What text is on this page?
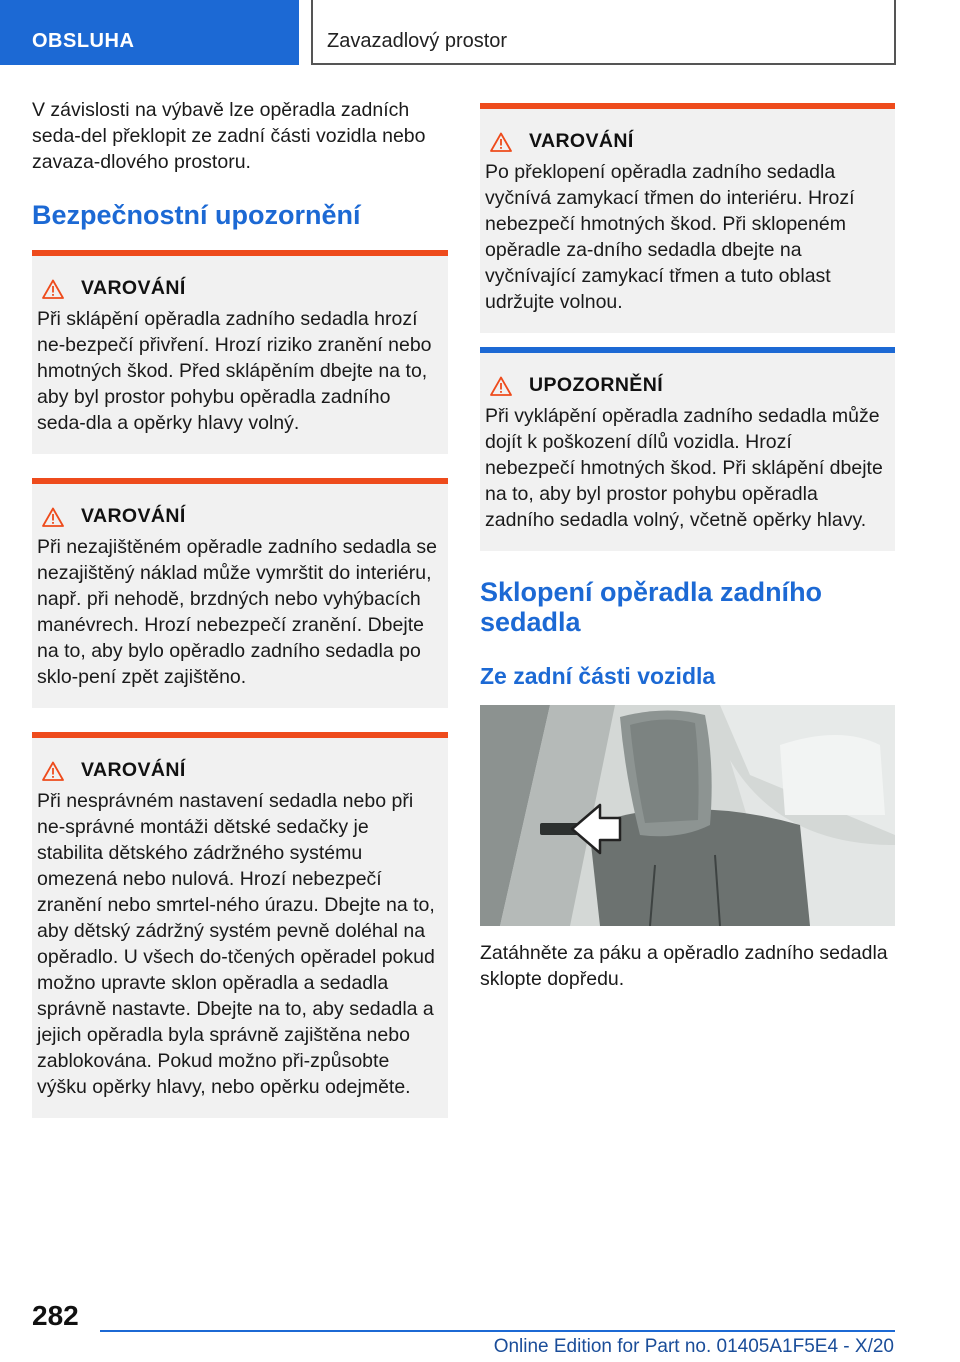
OBSLUHA	Zavazadlový prostor

V závislosti na výbavě lze opěradla zadních seda-del překlopit ze zadní části vozidla nebo zavaza-dlového prostoru.

Bezpečnostní upozornění
VAROVÁNÍ
Při sklápění opěradla zadního sedadla hrozí ne-bezpečí přivření. Hrozí riziko zranění nebo hmotných škod. Před sklápěním dbejte na to, aby byl prostor pohybu opěradla zadního seda-dla a opěrky hlavy volný.
VAROVÁNÍ
Při nezajištěném opěradle zadního sedadla se nezajištěný náklad může vymrštit do interiéru, např. při nehodě, brzdných nebo vyhýbacích manévrech. Hrozí nebezpečí zranění. Dbejte na to, aby bylo opěradlo zadního sedadla po sklo-pení zpět zajištěno.
VAROVÁNÍ
Při nesprávném nastavení sedadla nebo při ne-správné montáži dětské sedačky je stabilita dětského zádržného systému omezená nebo nulová. Hrozí nebezpečí zranění nebo smrtel-ného úrazu. Dbejte na to, aby dětský zádržný systém pevně doléhal na opěradlo. U všech do-tčených opěradel pokud možno upravte sklon opěradla a sedadla správně nastavte. Dbejte na to, aby sedadla a jejich opěradla byla správně zajištěna nebo zablokována. Pokud možno při-způsobte výšku opěrky hlavy, nebo opěrku odejměte.
VAROVÁNÍ
Po překlopení opěradla zadního sedadla vyčnívá zamykací třmen do interiéru. Hrozí nebezpečí hmotných škod. Při sklopeném opěradle za-dního sedadla dbejte na vyčnívající zamykací třmen a tuto oblast udržujte volnou.
UPOZORNĚNÍ
Při vyklápění opěradla zadního sedadla může dojít k poškození dílů vozidla. Hrozí nebezpečí hmotných škod. Při sklápění dbejte na to, aby byl prostor pohybu opěradla zadního sedadla volný, včetně opěrky hlavy.
Sklopení opěradla zadního sedadla
Ze zadní části vozidla

Zatáhněte za páku a opěradlo zadního sedadla sklopte dopředu.

282
Online Edition for Part no. 01405A1F5E4 - X/20
